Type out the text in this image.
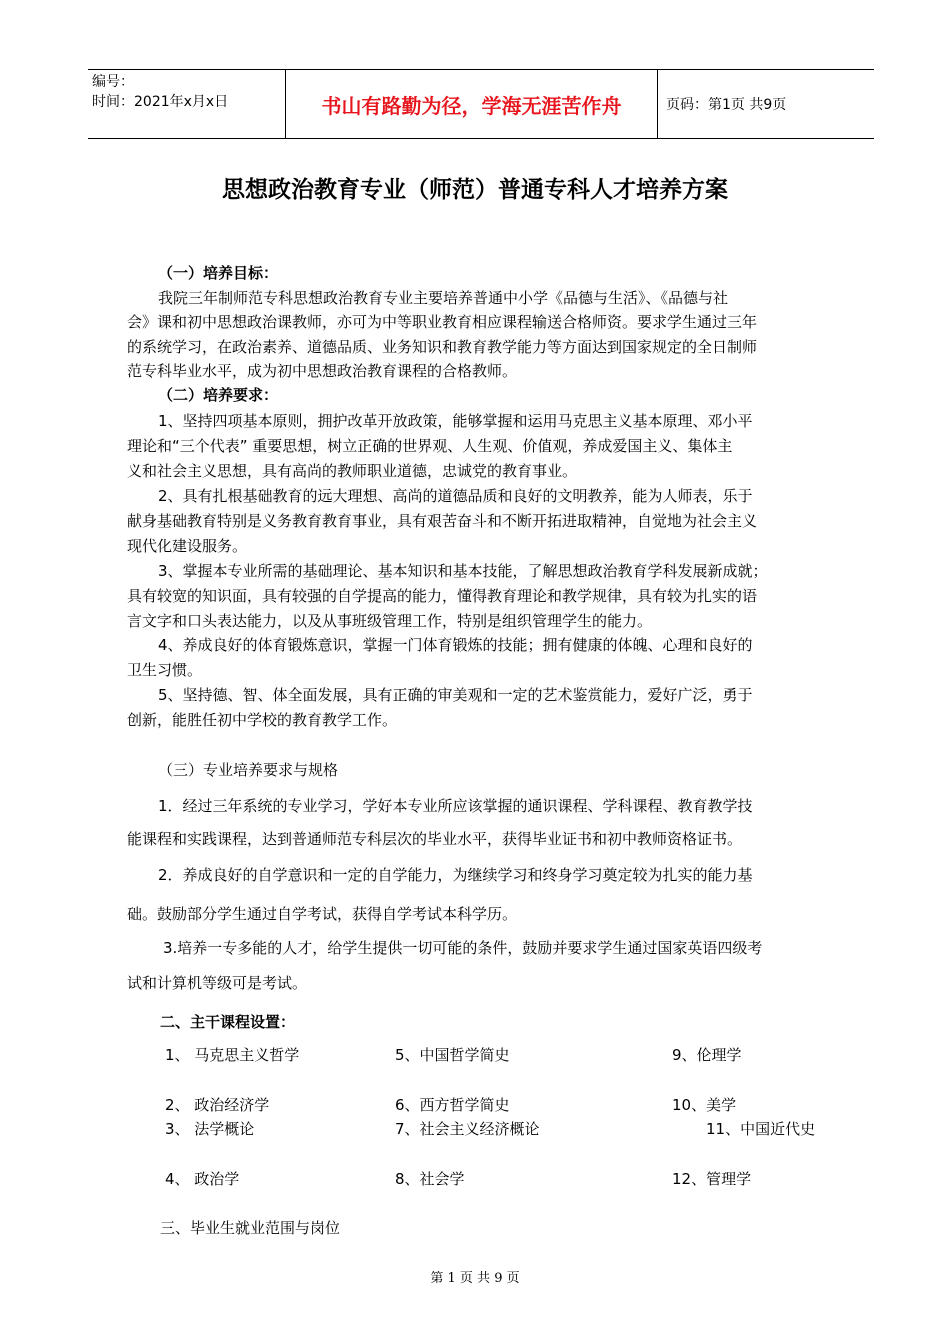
编号：
时间：2021年x月x日	书山有路勤为径，学海无涯苦作舟	页码：第1页 共9页
思想政治教育专业（师范）普通专科人才培养方案
（一）培养目标：
我院三年制师范专科思想政治教育专业主要培养普通中小学《品德与生活》、《品德与社
会》课和初中思想政治课教师，亦可为中等职业教育相应课程输送合格师资。要求学生通过三年
的系统学习，在政治素养、道德品质、业务知识和教育教学能力等方面达到国家规定的全日制师
范专科毕业水平，成为初中思想政治教育课程的合格教师。
（二）培养要求：
1、坚持四项基本原则，拥护改革开放政策，能够掌握和运用马克思主义基本原理、邓小平
理论和“三个代表” 重要思想，树立正确的世界观、人生观、价值观，养成爱国主义、集体主
义和社会主义思想，具有高尚的教师职业道德，忠诚党的教育事业。
2、具有扎根基础教育的远大理想、高尚的道德品质和良好的文明教养，能为人师表，乐于
献身基础教育特别是义务教育教育事业，具有艰苦奋斗和不断开拓进取精神，自觉地为社会主义
现代化建设服务。
3、掌握本专业所需的基础理论、基本知识和基本技能，了解思想政治教育学科发展新成就；
具有较宽的知识面，具有较强的自学提高的能力，懂得教育理论和教学规律，具有较为扎实的语
言文字和口头表达能力，以及从事班级管理工作，特别是组织管理学生的能力。
4、养成良好的体育锻炼意识，掌握一门体育锻炼的技能；拥有健康的体魄、心理和良好的
卫生习惯。
5、坚持德、智、体全面发展，具有正确的审美观和一定的艺术鉴赏能力，爱好广泛，勇于
创新，能胜任初中学校的教育教学工作。
（三）专业培养要求与规格
1．经过三年系统的专业学习，学好本专业所应该掌握的通识课程、学科课程、教育教学技
能课程和实践课程，达到普通师范专科层次的毕业水平，获得毕业证书和初中教师资格证书。
2．养成良好的自学意识和一定的自学能力，为继续学习和终身学习奠定较为扎实的能力基
础。鼓励部分学生通过自学考试，获得自学考试本科学历。
3.培养一专多能的人才，给学生提供一切可能的条件，鼓励并要求学生通过国家英语四级考
试和计算机等级可是考试。
二、主干课程设置：
1、 马克思主义哲学	5、中国哲学简史	9、伦理学
2、 政治经济学	6、西方哲学简史	10、美学
3、 法学概论	7、社会主义经济概论	11、中国近代史
4、 政治学	8、社会学	12、管理学
三、毕业生就业范围与岗位
第 1 页 共 9 页
